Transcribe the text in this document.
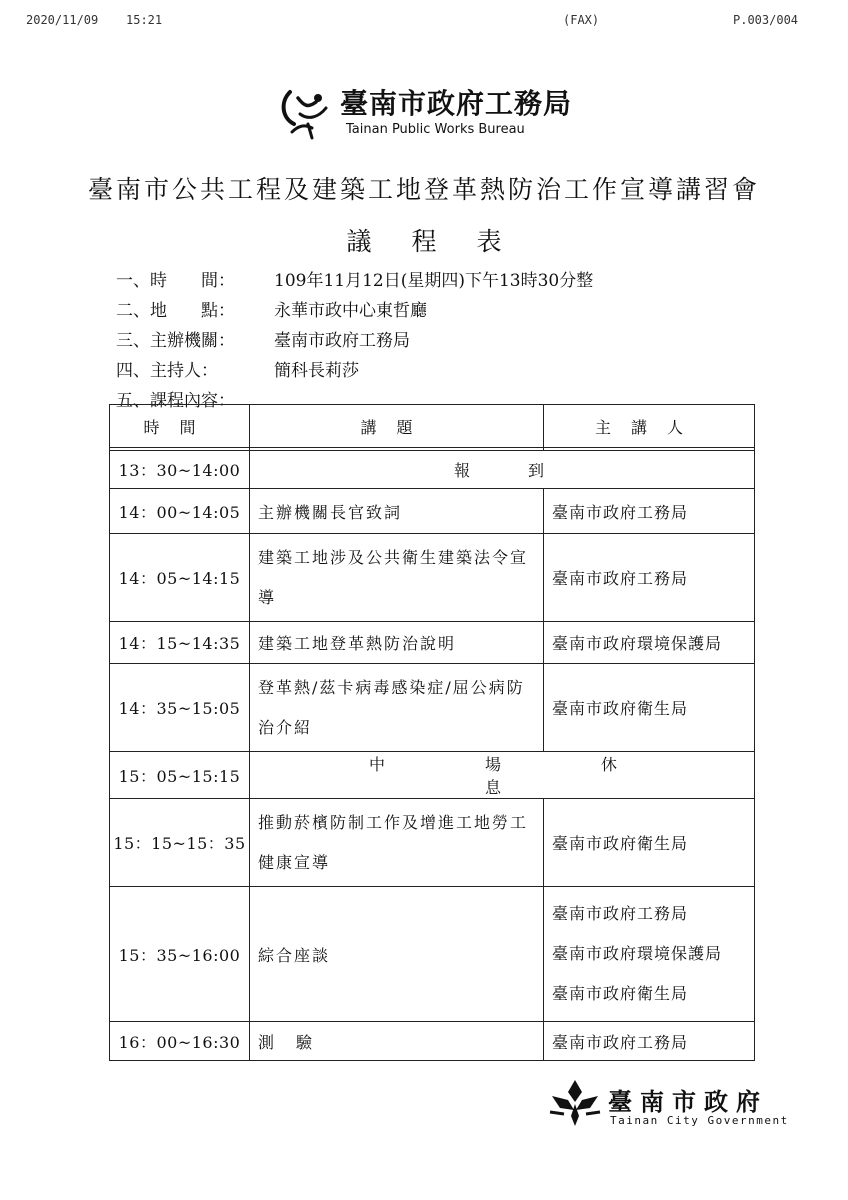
2020/11/09 15:21	(FAX)	P.003/004
臺南市政府工務局
Tainan Public Works Bureau
臺南市公共工程及建築工地登革熱防治工作宣導講習會
議程表
一、時　　間： 109年11月12日(星期四)下午13時30分整
二、地　　點： 永華市政中心東哲廳
三、主辦機關： 臺南市政府工務局
四、主持人：	簡科長莉莎
五、課程內容：
時間	講題	主講人

13：30~14:00	報到	
14：00~14:05	主辦機關長官致詞	臺南市政府工務局
14：05~14:15	建築工地涉及公共衛生建築法令宣導	臺南市政府工務局
14：15~14:35	建築工地登革熱防治說明	臺南市政府環境保護局
14：35~15:05	登革熱/茲卡病毒感染症/屈公病防治介紹	臺南市政府衛生局
15：05~15:15	中場休息	
15：15~15：35	推動菸檳防制工作及增進工地勞工健康宣導	臺南市政府衛生局
15：35~16:00	綜合座談	臺南市政府工務局
臺南市政府環境保護局
臺南市政府衛生局

16：00~16:30	測驗	臺南市政府工務局
臺南市政府
Tainan City Government
